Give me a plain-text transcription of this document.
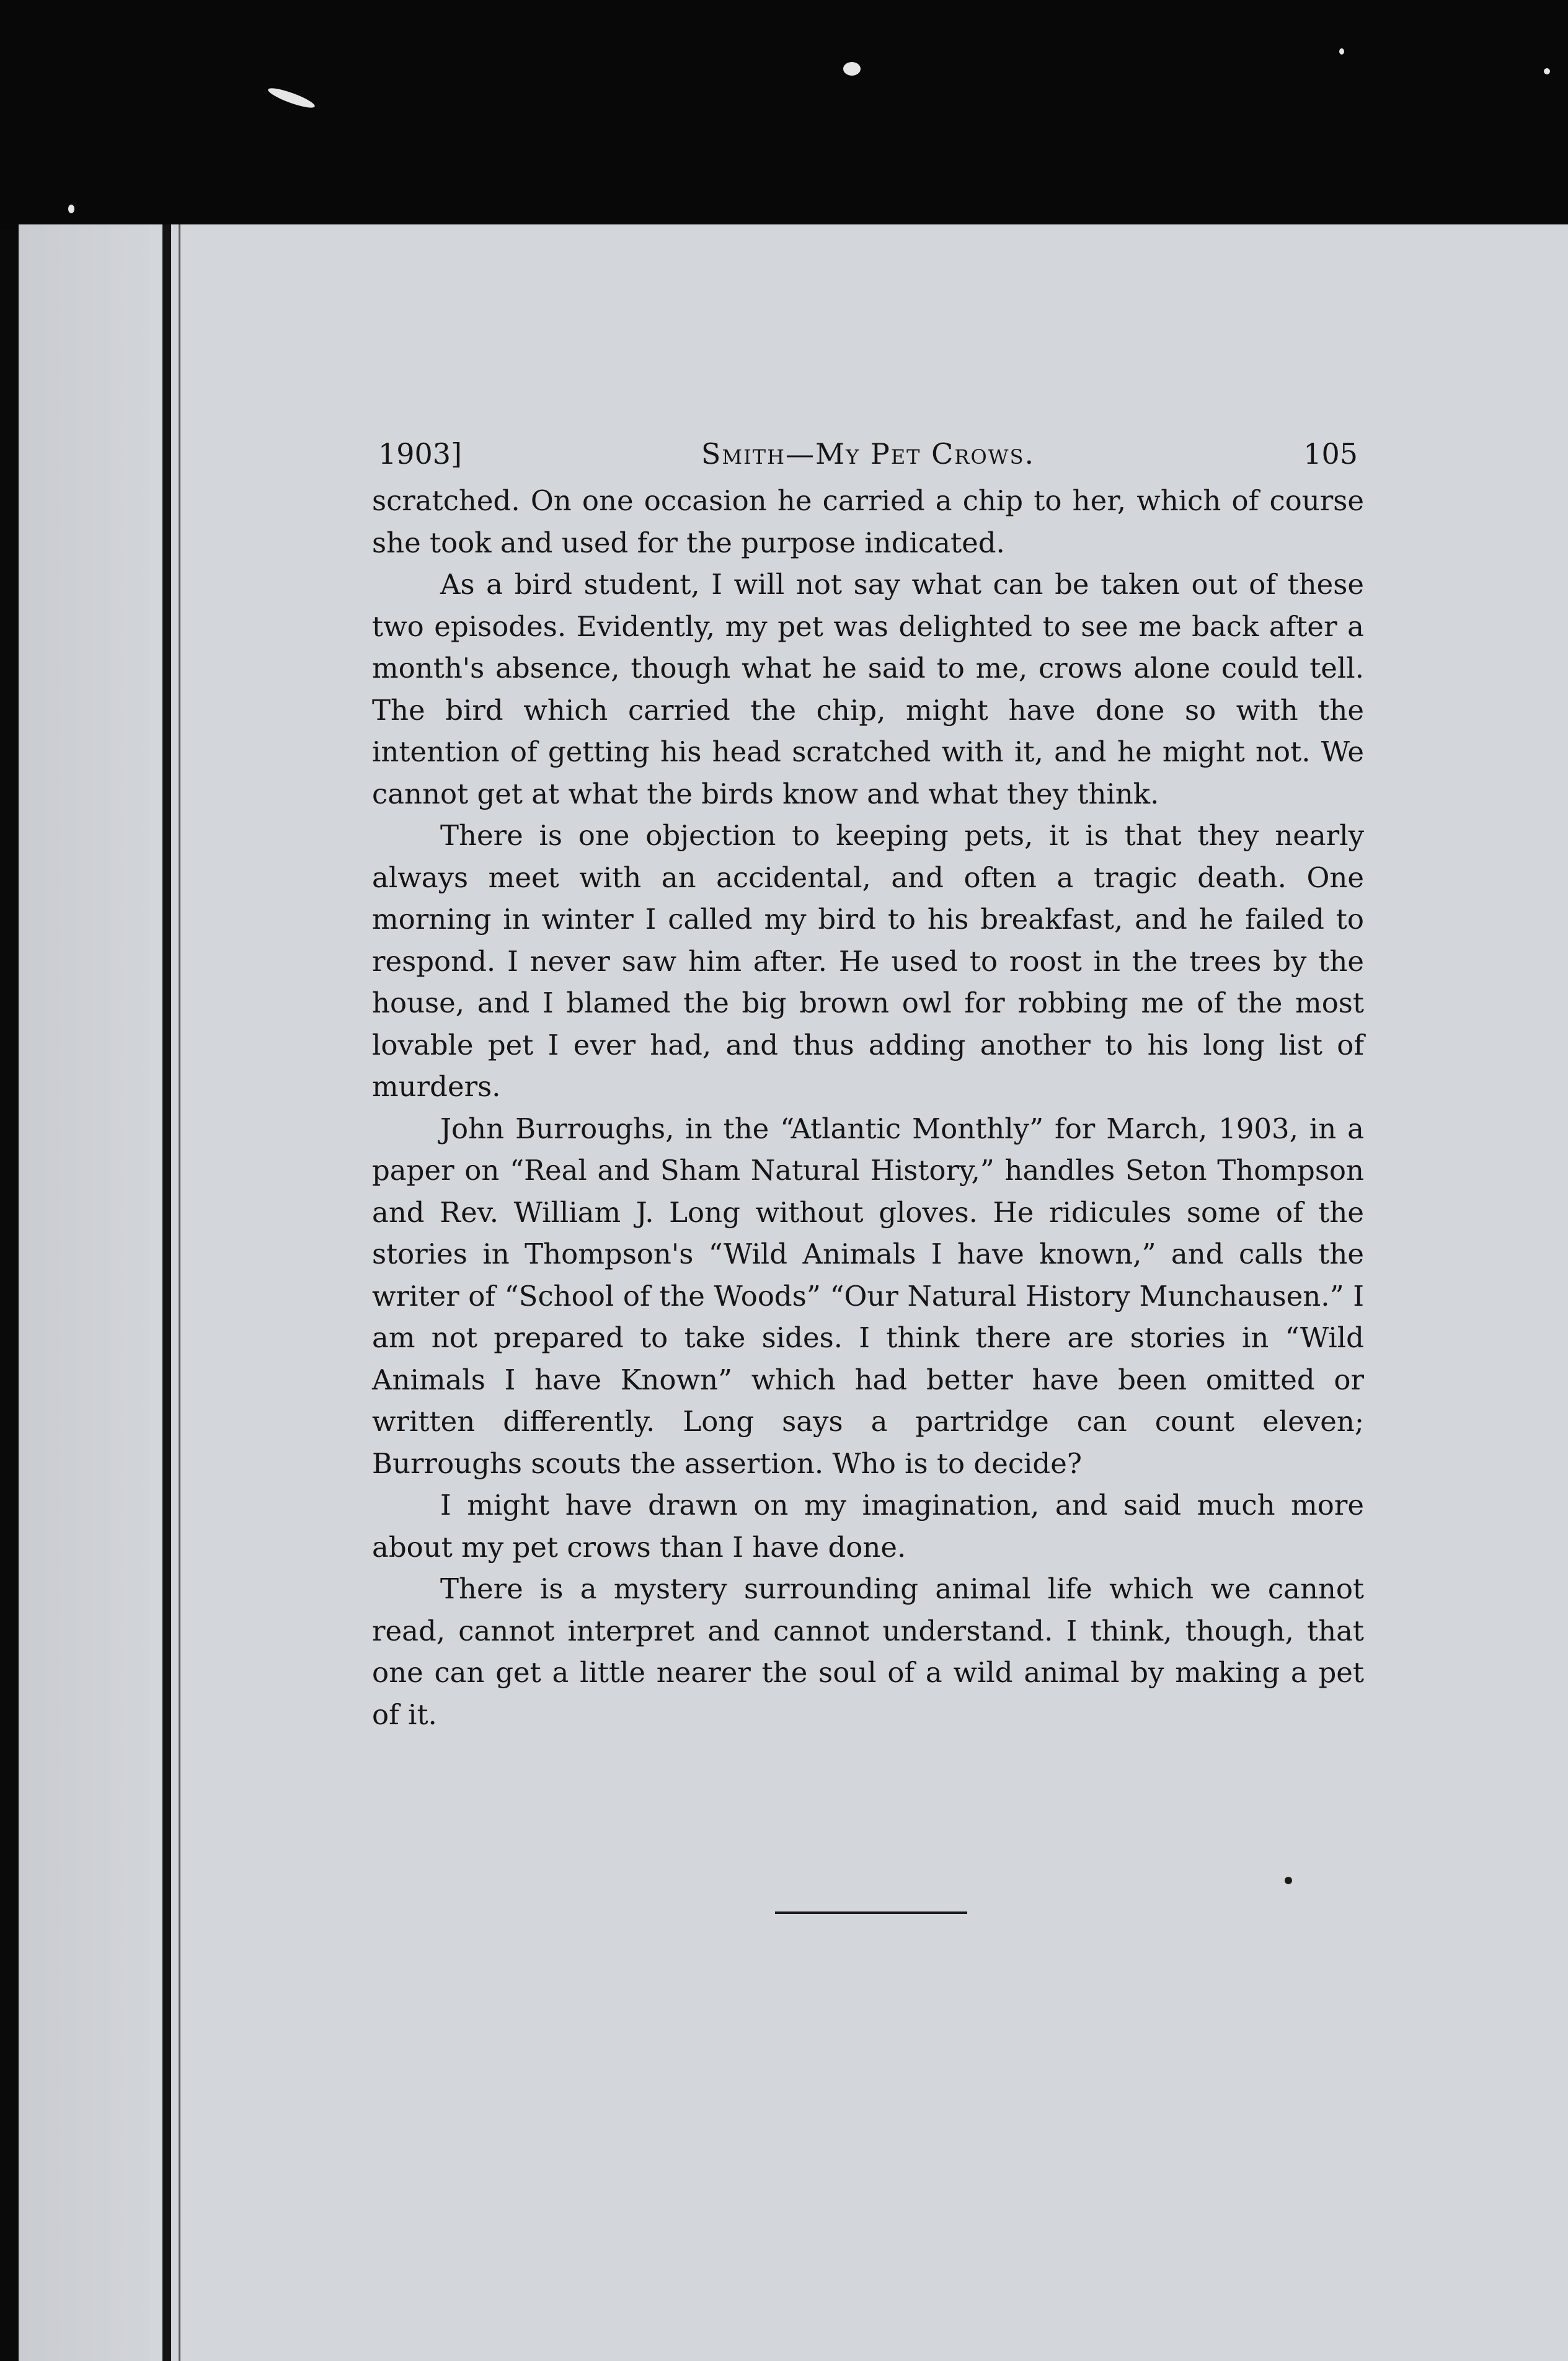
1903]	Smith—My Pet Crows.	105

scratched. On one occasion he carried a chip to her, which of course she took and used for the purpose indicated.

As a bird student, I will not say what can be taken out of these two episodes. Evidently, my pet was delighted to see me back after a month's absence, though what he said to me, crows alone could tell. The bird which carried the chip, might have done so with the intention of getting his head scratched with it, and he might not. We cannot get at what the birds know and what they think.

There is one objection to keeping pets, it is that they nearly always meet with an accidental, and often a tragic death. One morning in winter I called my bird to his breakfast, and he failed to respond. I never saw him after. He used to roost in the trees by the house, and I blamed the big brown owl for robbing me of the most lovable pet I ever had, and thus adding another to his long list of murders.

John Burroughs, in the “Atlantic Monthly” for March, 1903, in a paper on “Real and Sham Natural History,” handles Seton Thompson and Rev. William J. Long without gloves. He ridicules some of the stories in Thompson's “Wild Animals I have known,” and calls the writer of “School of the Woods” “Our Natural History Munchausen.” I am not prepared to take sides. I think there are stories in “Wild Animals I have Known” which had better have been omitted or written differently. Long says a partridge can count eleven; Burroughs scouts the assertion. Who is to decide?

I might have drawn on my imagination, and said much more about my pet crows than I have done.

There is a mystery surrounding animal life which we cannot read, cannot interpret and cannot understand. I think, though, that one can get a little nearer the soul of a wild animal by making a pet of it.
